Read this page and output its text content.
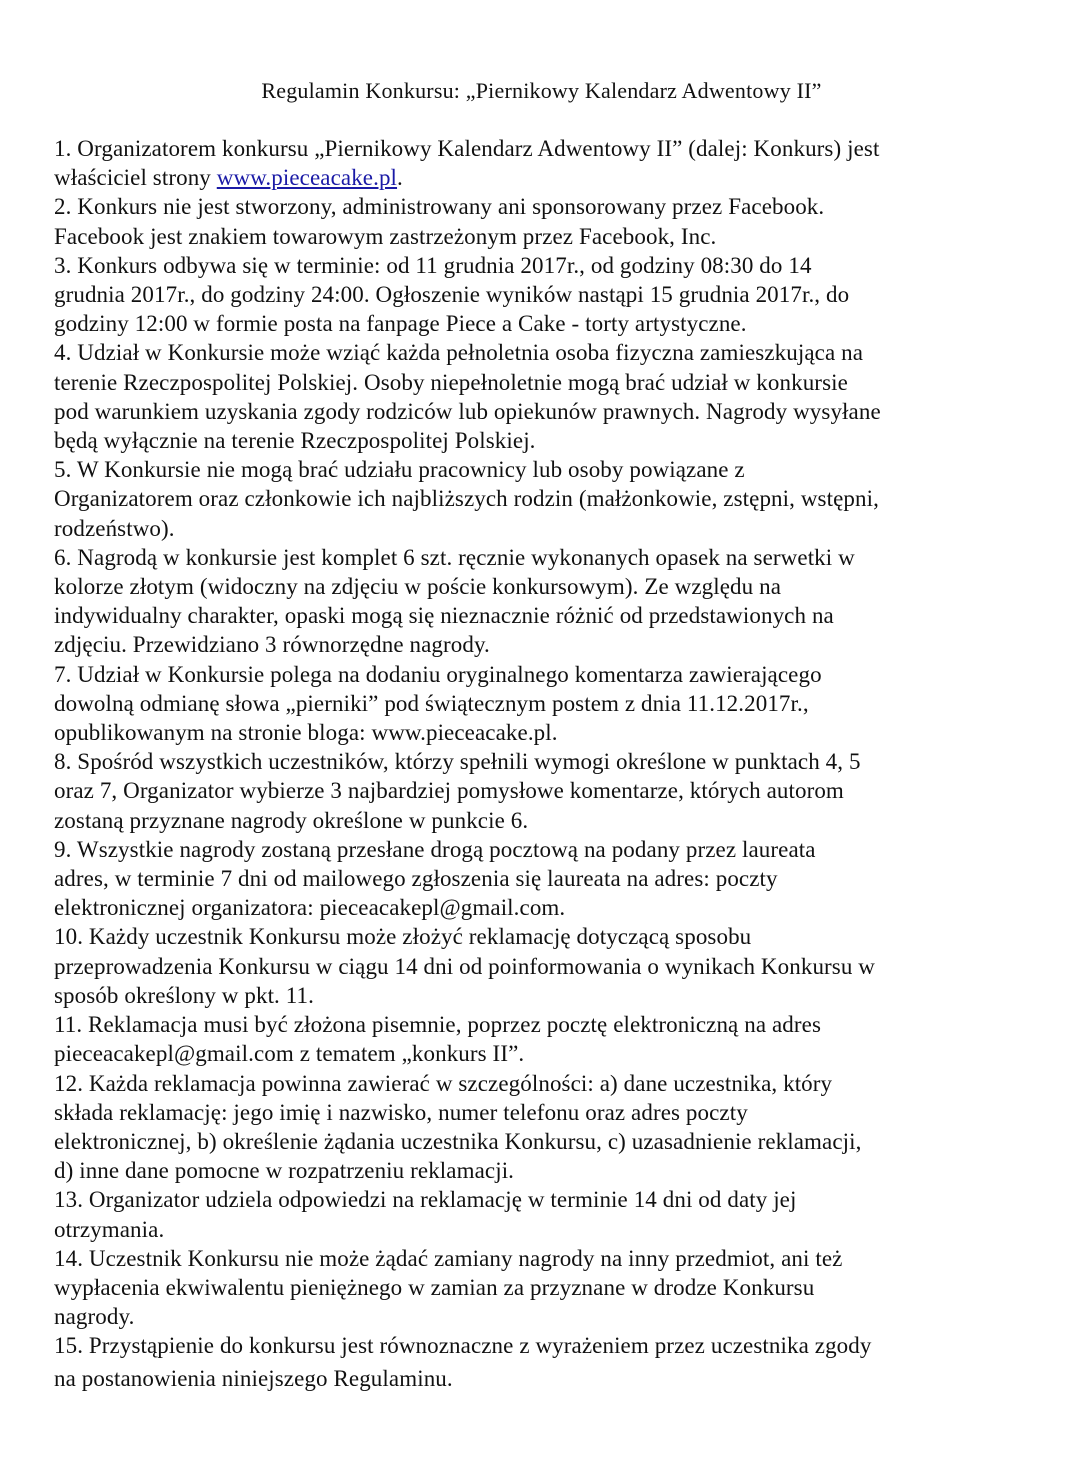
Regulamin Konkursu: „Piernikowy Kalendarz Adwentowy II”
1. Organizatorem konkursu „Piernikowy Kalendarz Adwentowy II” (dalej: Konkurs) jest
właściciel strony www.pieceacake.pl.
2. Konkurs nie jest stworzony, administrowany ani sponsorowany przez Facebook.
Facebook jest znakiem towarowym zastrzeżonym przez Facebook, Inc.
3. Konkurs odbywa się w terminie: od 11 grudnia 2017r., od godziny 08:30 do 14
grudnia 2017r., do godziny 24:00. Ogłoszenie wyników nastąpi 15 grudnia 2017r., do
godziny 12:00 w formie posta na fanpage Piece a Cake - torty artystyczne.
4. Udział w Konkursie może wziąć każda pełnoletnia osoba fizyczna zamieszkująca na
terenie Rzeczpospolitej Polskiej. Osoby niepełnoletnie mogą brać udział w konkursie
pod warunkiem uzyskania zgody rodziców lub opiekunów prawnych. Nagrody wysyłane
będą wyłącznie na terenie Rzeczpospolitej Polskiej.
5. W Konkursie nie mogą brać udziału pracownicy lub osoby powiązane z
Organizatorem oraz członkowie ich najbliższych rodzin (małżonkowie, zstępni, wstępni,
rodzeństwo).
6. Nagrodą w konkursie jest komplet 6 szt. ręcznie wykonanych opasek na serwetki w
kolorze złotym (widoczny na zdjęciu w poście konkursowym). Ze względu na
indywidualny charakter, opaski mogą się nieznacznie różnić od przedstawionych na
zdjęciu. Przewidziano 3 równorzędne nagrody.
7. Udział w Konkursie polega na dodaniu oryginalnego komentarza zawierającego
dowolną odmianę słowa „pierniki” pod świątecznym postem z dnia 11.12.2017r.,
opublikowanym na stronie bloga: www.pieceacake.pl.
8. Spośród wszystkich uczestników, którzy spełnili wymogi określone w punktach 4, 5
oraz 7, Organizator wybierze 3 najbardziej pomysłowe komentarze, których autorom
zostaną przyznane nagrody określone w punkcie 6.
9. Wszystkie nagrody zostaną przesłane drogą pocztową na podany przez laureata
adres, w terminie 7 dni od mailowego zgłoszenia się laureata na adres: poczty
elektronicznej organizatora: pieceacakepl@gmail.com.
10. Każdy uczestnik Konkursu może złożyć reklamację dotyczącą sposobu
przeprowadzenia Konkursu w ciągu 14 dni od poinformowania o wynikach Konkursu w
sposób określony w pkt. 11.
11. Reklamacja musi być złożona pisemnie, poprzez pocztę elektroniczną na adres
pieceacakepl@gmail.com z tematem „konkurs II”.
12. Każda reklamacja powinna zawierać w szczególności: a) dane uczestnika, który
składa reklamację: jego imię i nazwisko, numer telefonu oraz adres poczty
elektronicznej, b) określenie żądania uczestnika Konkursu, c) uzasadnienie reklamacji,
d) inne dane pomocne w rozpatrzeniu reklamacji.
13. Organizator udziela odpowiedzi na reklamację w terminie 14 dni od daty jej
otrzymania.
14. Uczestnik Konkursu nie może żądać zamiany nagrody na inny przedmiot, ani też
wypłacenia ekwiwalentu pieniężnego w zamian za przyznane w drodze Konkursu
nagrody.
15. Przystąpienie do konkursu jest równoznaczne z wyrażeniem przez uczestnika zgody
na postanowienia niniejszego Regulaminu.
